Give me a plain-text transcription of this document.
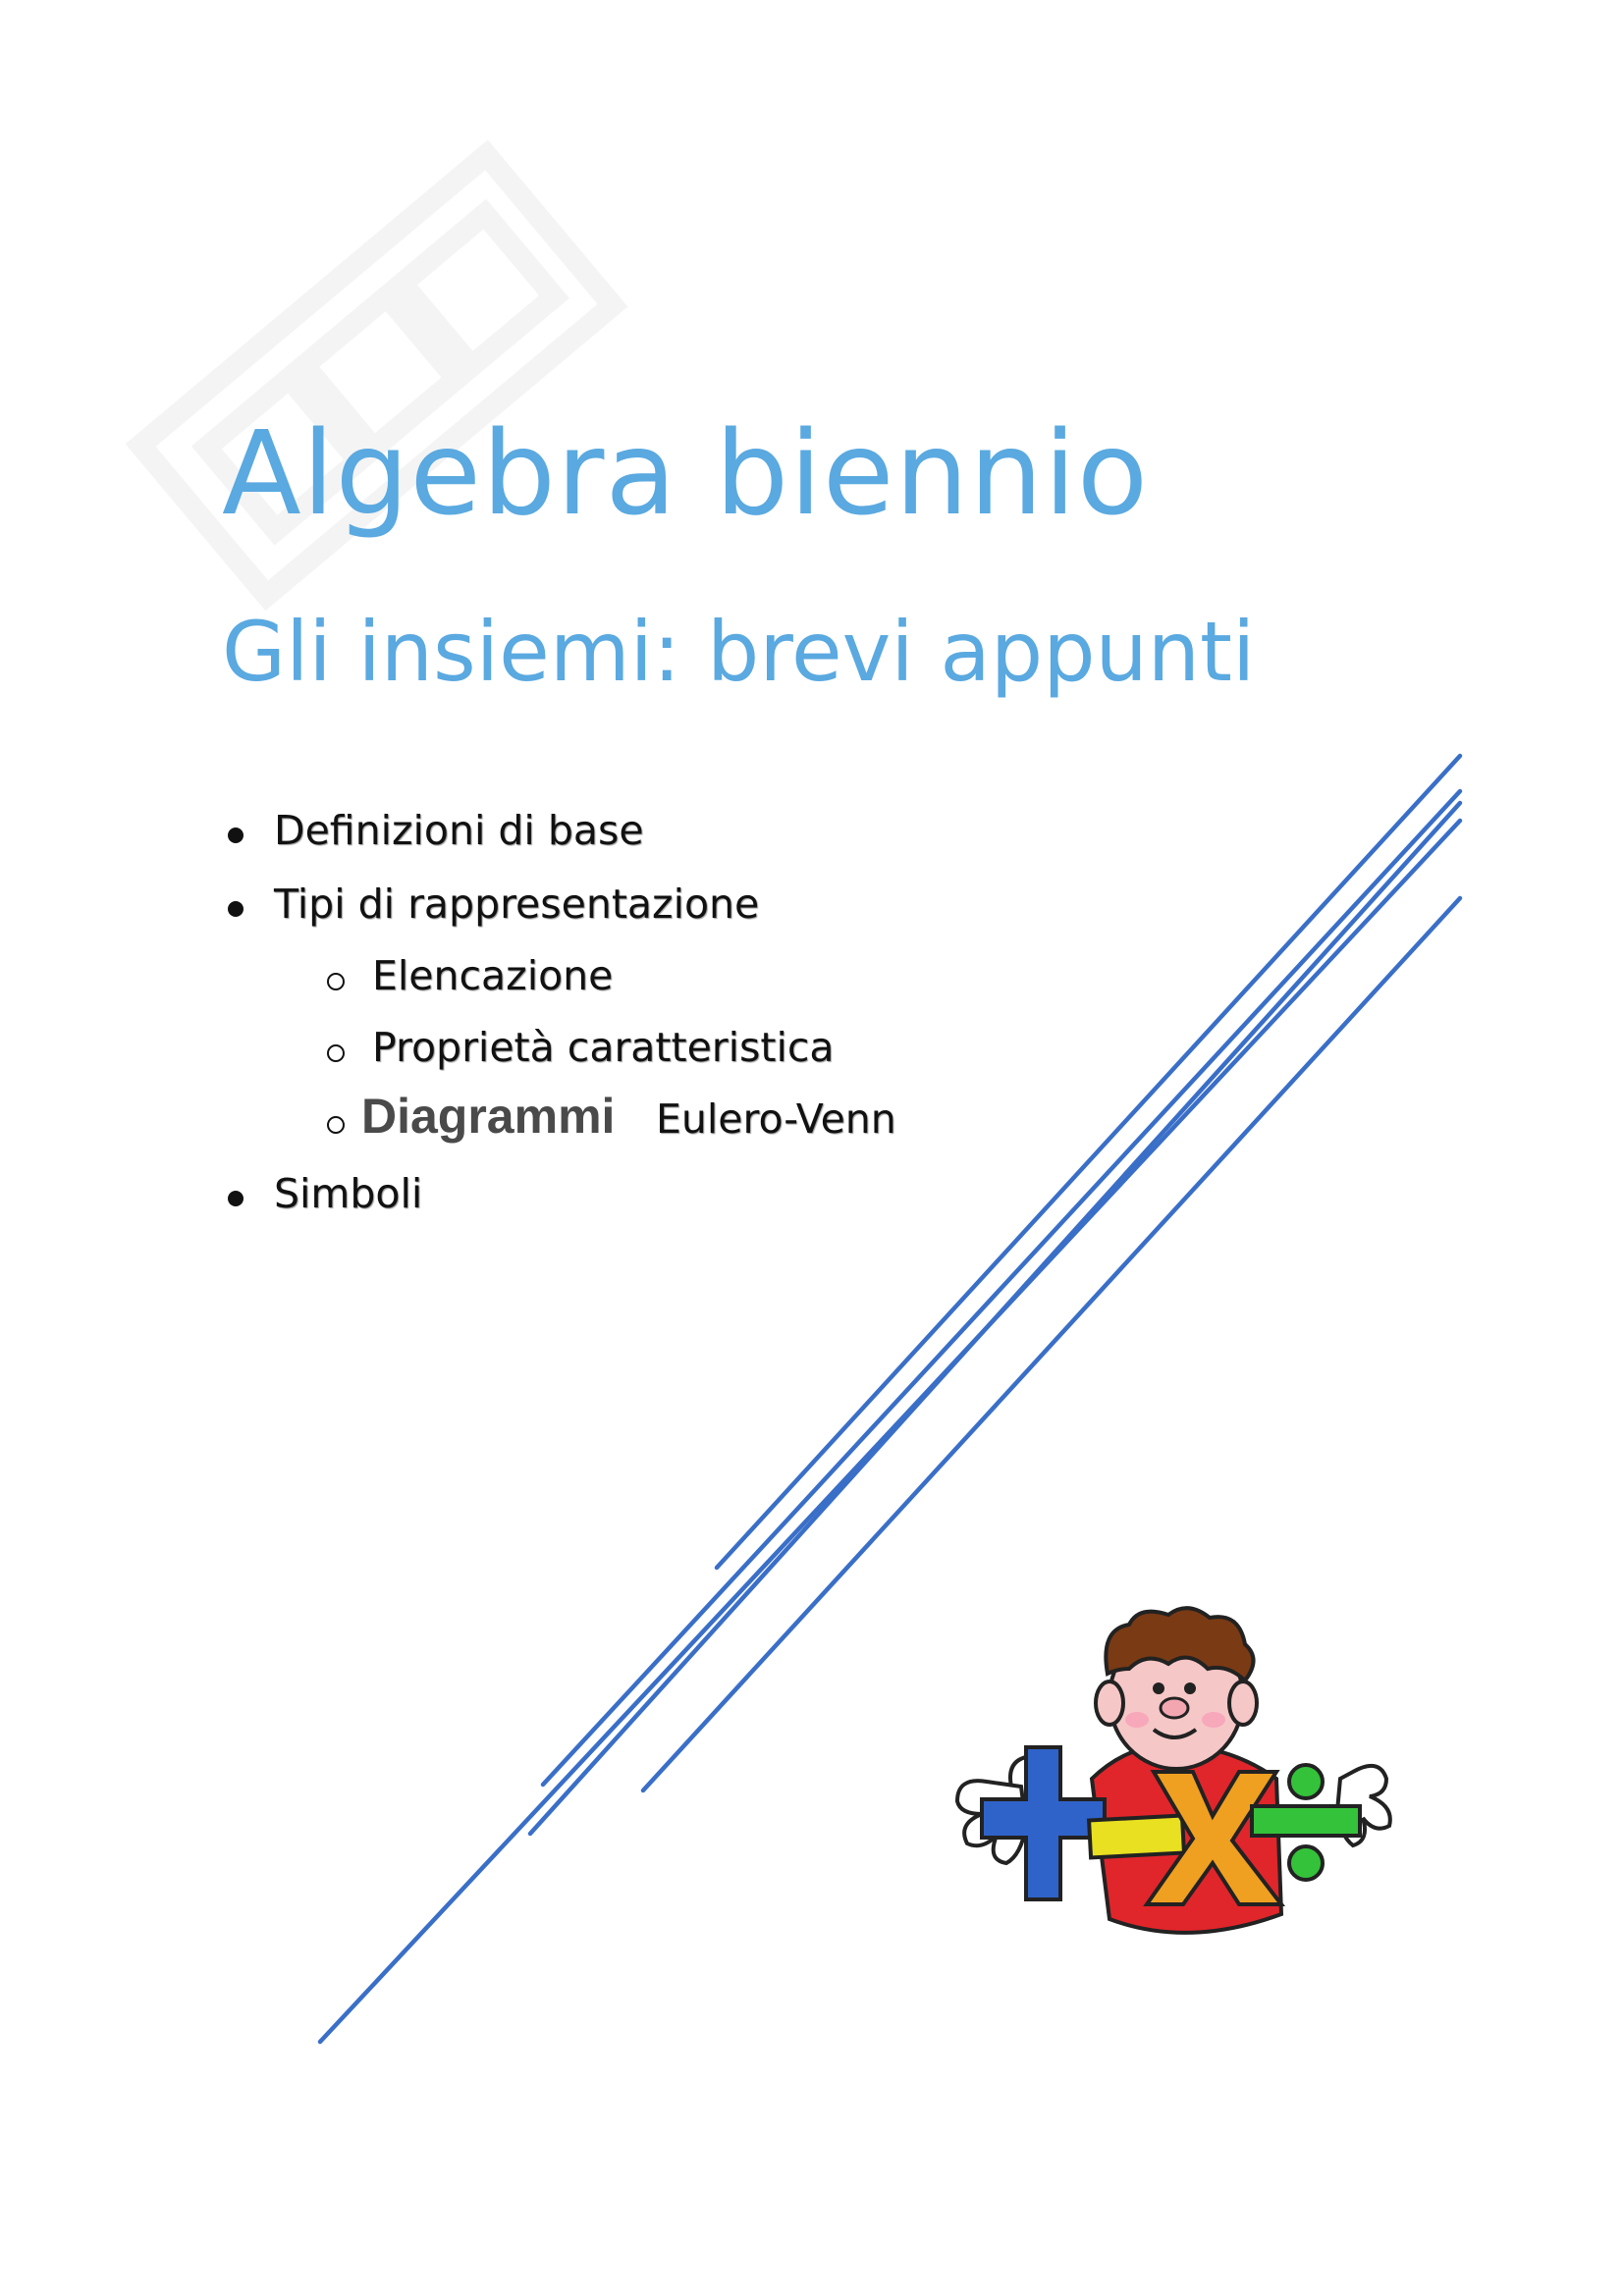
Algebra biennio
Gli insiemi: brevi appunti
Definizioni di base
Tipi di rappresentazione
Elencazione
Proprietà caratteristica
Diagrammi Eulero-Venn
Simboli
